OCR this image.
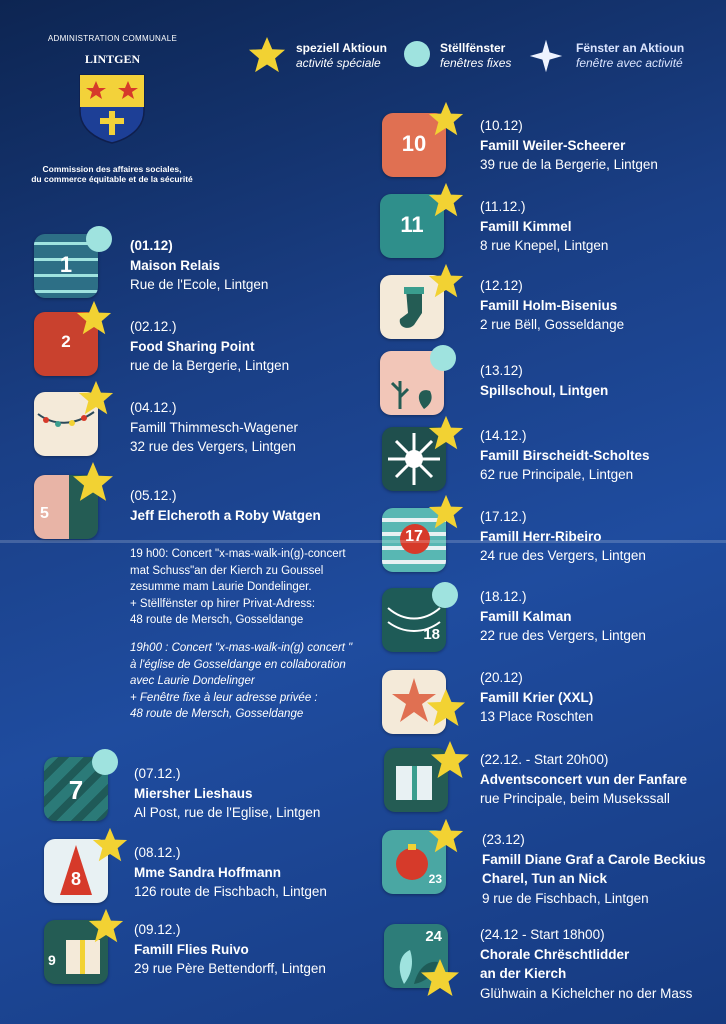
ADMINISTRATION COMMUNALE
LINTGEN
Commission des affaires sociales,
du commerce équitable et de la sécurité
speziell Aktioun
activité spéciale
Stëllfënster
fenêtres fixes
Fënster an Aktioun
fenêtre avec activité
1
2
5
7
8
9
(01.12)
Maison Relais
Rue de l'Ecole, Lintgen
(02.12.)
Food Sharing Point
rue de la Bergerie, Lintgen
(04.12.)
Famill Thimmesch-Wagener
32 rue des Vergers, Lintgen
(05.12.)
Jeff Elcheroth a Roby Watgen
19 h00: Concert "x-mas-walk-in(g)-concert
mat Schuss"an der Kierch zu Goussel
zesumme mam Laurie Dondelinger.
+ Stëllfënster op hirer Privat-Adress:
48 route de Mersch, Gosseldange
19h00 : Concert "x-mas-walk-in(g) concert "
à l'église de Gosseldange en collaboration
avec Laurie Dondelinger
+ Fenêtre fixe à leur adresse privée :
48 route de Mersch, Gosseldange
(07.12.)
Miersher Lieshaus
Al Post, rue de l'Eglise, Lintgen
(08.12.)
Mme Sandra Hoffmann
126 route de Fischbach, Lintgen
(09.12.)
Famill Flies Ruivo
29 rue Père Bettendorff, Lintgen
10
11
17
18
23
24
(10.12)
Famill Weiler-Scheerer
39 rue de la Bergerie, Lintgen
(11.12.)
Famill Kimmel
8 rue Knepel, Lintgen
(12.12)
Famill Holm-Bisenius
2 rue Bëll, Gosseldange
(13.12)
Spillschoul, Lintgen
(14.12.)
Famill Birscheidt-Scholtes
62 rue Principale, Lintgen
(17.12.)
Famill Herr-Ribeiro
24 rue des Vergers, Lintgen
(18.12.)
Famill Kalman
22 rue des Vergers, Lintgen
(20.12)
Famill Krier (XXL)
13 Place Roschten
(22.12. - Start 20h00)
Adventsconcert vun der Fanfare
rue Principale, beim Musekssall
(23.12)
Famill Diane Graf a Carole Beckius
Charel, Tun an Nick
9 rue de Fischbach, Lintgen
(24.12 - Start 18h00)
Chorale Chrëschtlidder
an der Kierch
Glühwain a Kichelcher no der Mass
